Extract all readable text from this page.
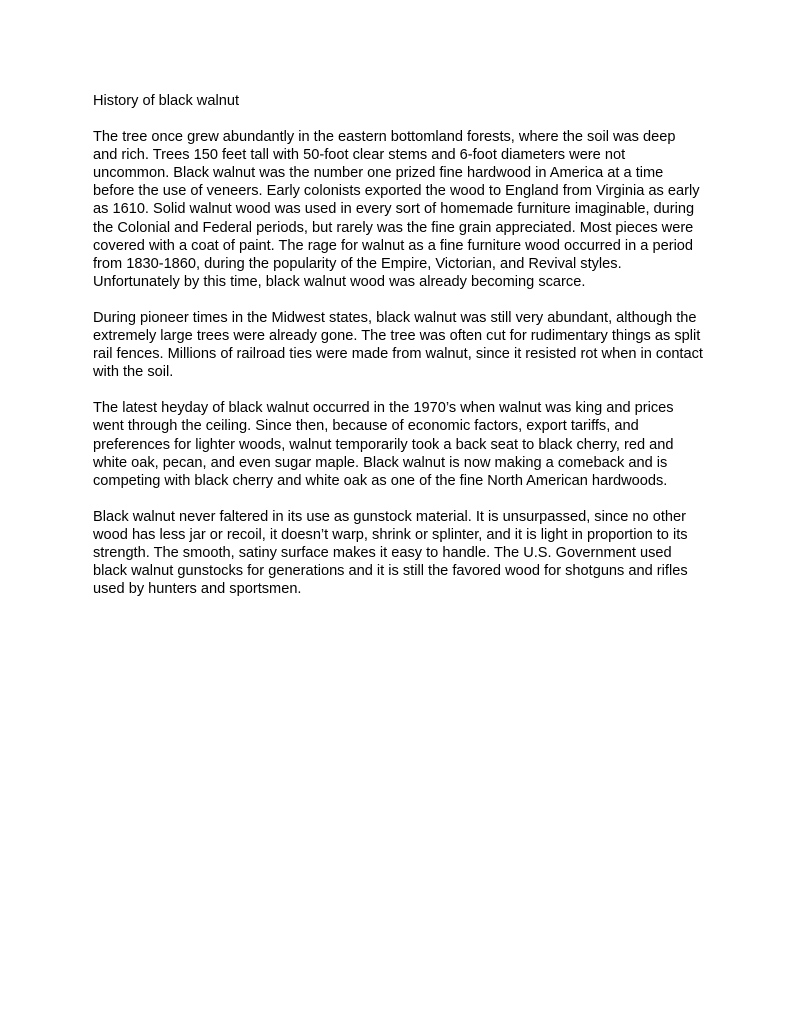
History of black walnut

The tree once grew abundantly in the eastern bottomland forests, where the soil was deep and rich. Trees 150 feet tall with 50-foot clear stems and 6-foot diameters were not uncommon. Black walnut was the number one prized fine hardwood in America at a time before the use of veneers. Early colonists exported the wood to England from Virginia as early as 1610. Solid walnut wood was used in every sort of homemade furniture imaginable, during the Colonial and Federal periods, but rarely was the fine grain appreciated. Most pieces were covered with a coat of paint. The rage for walnut as a fine furniture wood occurred in a period from 1830-1860, during the popularity of the Empire, Victorian, and Revival styles. Unfortunately by this time, black walnut wood was already becoming scarce.

During pioneer times in the Midwest states, black walnut was still very abundant, although the extremely large trees were already gone. The tree was often cut for rudimentary things as split rail fences. Millions of railroad ties were made from walnut, since it resisted rot when in contact with the soil.

The latest heyday of black walnut occurred in the 1970’s when walnut was king and prices went through the ceiling. Since then, because of economic factors, export tariffs, and preferences for lighter woods, walnut temporarily took a back seat to black cherry, red and white oak, pecan, and even sugar maple. Black walnut is now making a comeback and is competing with black cherry and white oak as one of the fine North American hardwoods.

Black walnut never faltered in its use as gunstock material. It is unsurpassed, since no other wood has less jar or recoil, it doesn’t warp, shrink or splinter, and it is light in proportion to its strength. The smooth, satiny surface makes it easy to handle. The U.S. Government used black walnut gunstocks for generations and it is still the favored wood for shotguns and rifles used by hunters and sportsmen.
